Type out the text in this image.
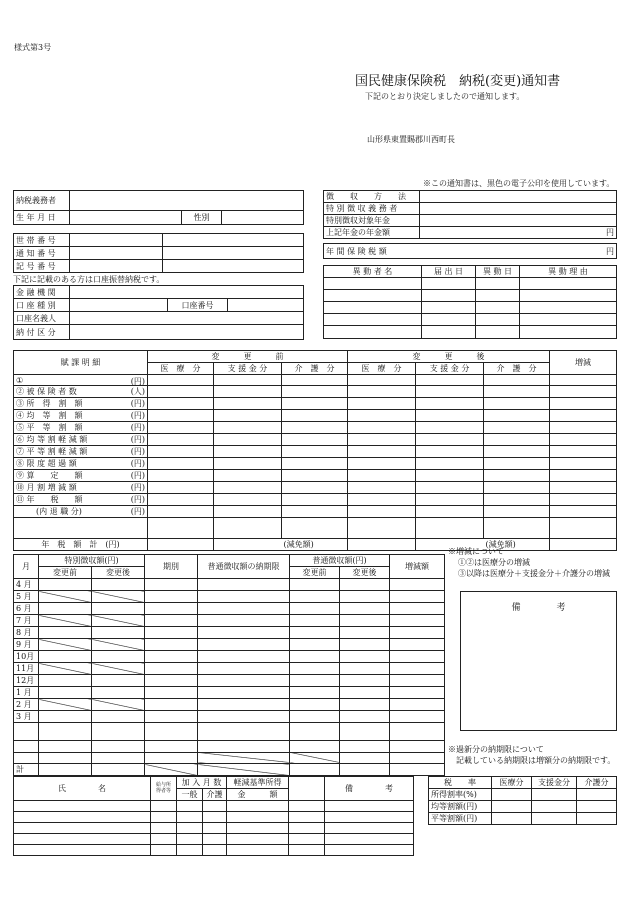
様式第3号
国民健康保険税　納税(変更)通知書
下記のとおり決定しましたので通知します。
山形県東置賜郡川西町長
※この通知書は、黒色の電子公印を使用しています。
納税義務者			
生 年 月 日		性別	
世 帯 番 号		
通 知 番 号		
記 号 番 号		
下記に記載のある方は口座振替納税です。
金 融 機 関			
口 座 種 別		口座番号	
口座名義人			
納 付 区 分			
徴　　収　　方　　法	
特 別 徴 収 義 務 者	
特別徴収対象年金	
上記年金の年金額	円
年 間 保 険 税 額	円
異 動 者 名	届 出 日	異 動 日	異 動 理 由

賦 課 明 細	変　　　更　　　前			変　　　更　　　後			増減
	医　療　分	支 援 金 分	介　護　分	医　療　分	支 援 金 分	介　護　分	
① (円)							

② 被 保 険 者 数 (人)							

③ 所　得　割　額 (円)							

④ 均　等　割　額 (円)							

⑤ 平　等　割　額 (円)							

⑥ 均 等 割 軽 減 額 (円)							

⑦ 平 等 割 軽 減 額 (円)							

⑧ 限 度 超 過 額 (円)							

⑨ 算　　定　　額 (円)							

⑩ 月 割 増 減 額 (円)							

⑪ 年　　税　　額 (円)							

(内 退 職 分) (円)							

年　税　額　計　 (円)			(減免額)			(減免額)	
月	特別徴収額(円)		期別	普通徴収額の納期限	普通徴収額(円)		増減額
	変更前	変更後			変更前	変更後	
4 月							
5 月							
6 月							
7 月							
8 月							
9 月							
10月							
11月							
12月							
1 月							
2 月							
3 月							

計							
※増減について
①②は医療分の増減
③以降は医療分＋支援金分＋介護分の増減
備　　　　考
※過新分の納期限について
記載している納期限は増額分の納期限です。
氏　　　　名	給与所得者等	加 入 月 数		軽減基準所得		備　　　　考
		一般	介護	金　　　額		

税　　率	医療分	支援金分	介護分
所得割率(%)			
均等割額(円)			
平等割額(円)			
